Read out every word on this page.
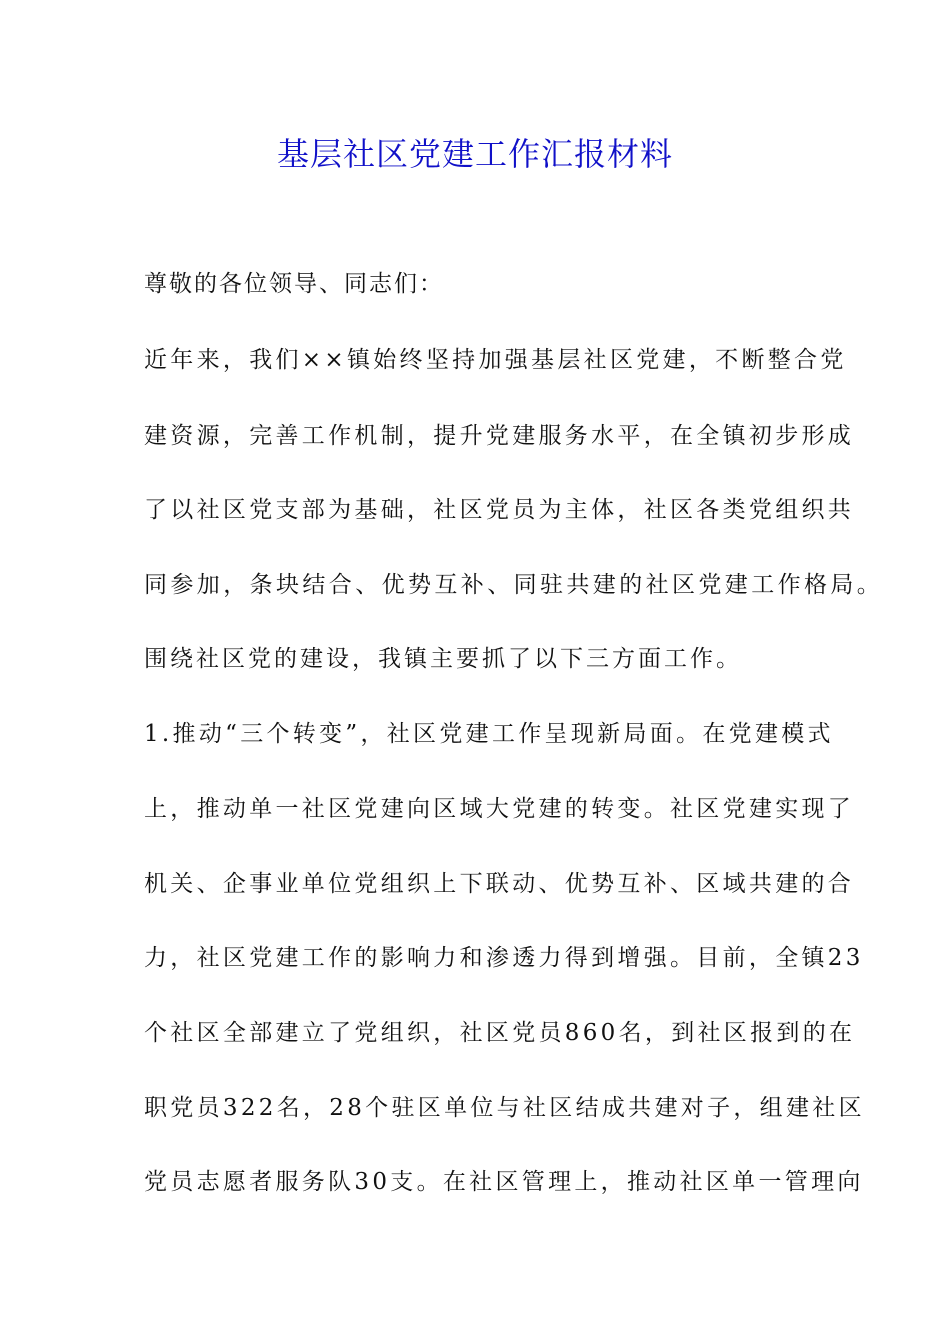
基层社区党建工作汇报材料
尊敬的各位领导、同志们：
近年来，我们××镇始终坚持加强基层社区党建，不断整合党
建资源，完善工作机制，提升党建服务水平，在全镇初步形成
了以社区党支部为基础，社区党员为主体，社区各类党组织共
同参加，条块结合、优势互补、同驻共建的社区党建工作格局。
围绕社区党的建设，我镇主要抓了以下三方面工作。
1.推动“三个转变”，社区党建工作呈现新局面。在党建模式
上，推动单一社区党建向区域大党建的转变。社区党建实现了
机关、企事业单位党组织上下联动、优势互补、区域共建的合
力，社区党建工作的影响力和渗透力得到增强。目前，全镇23
个社区全部建立了党组织，社区党员860名，到社区报到的在
职党员322名，28个驻区单位与社区结成共建对子，组建社区
党员志愿者服务队30支。在社区管理上，推动社区单一管理向
